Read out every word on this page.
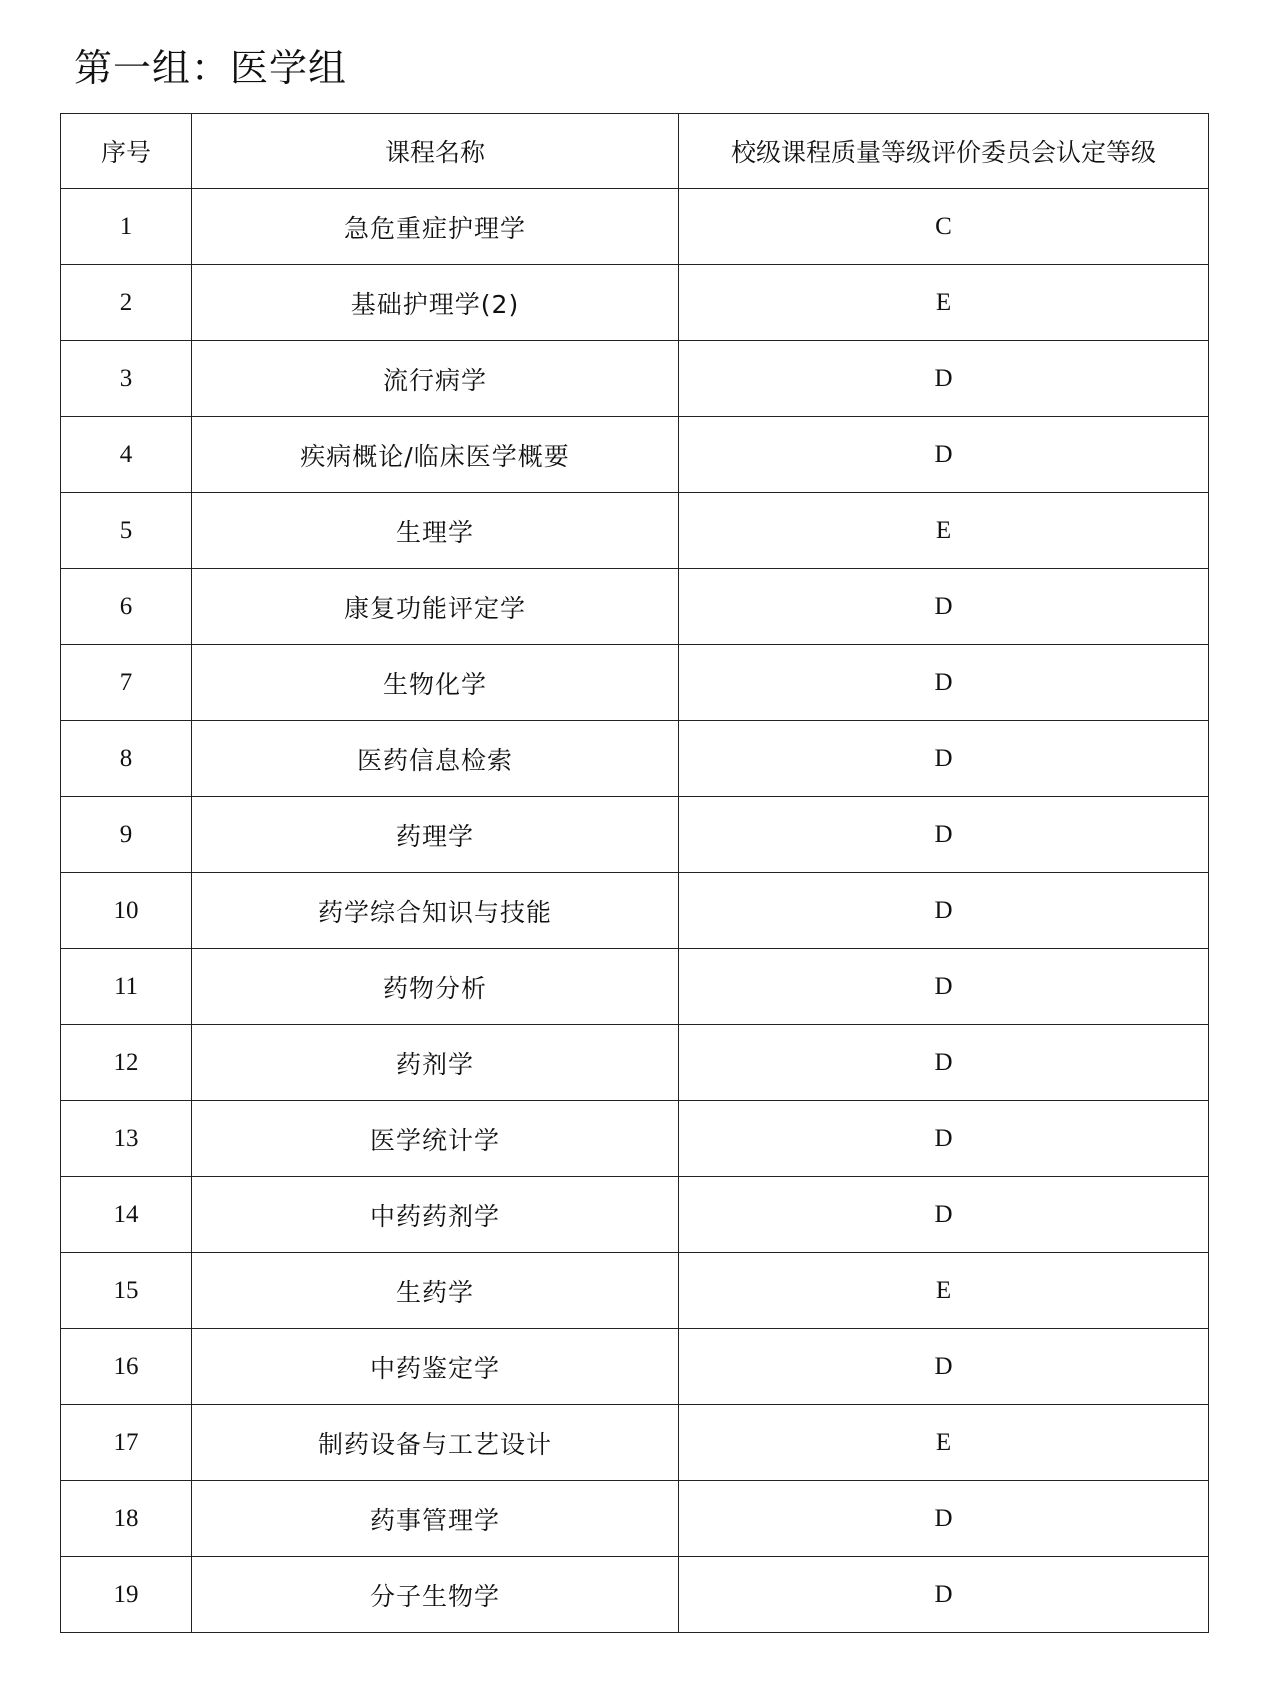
第一组：医学组
序号	课程名称	校级课程质量等级评价委员会认定等级
1	急危重症护理学	C
2	基础护理学(2)	E
3	流行病学	D
4	疾病概论/临床医学概要	D
5	生理学	E
6	康复功能评定学	D
7	生物化学	D
8	医药信息检索	D
9	药理学	D
10	药学综合知识与技能	D
11	药物分析	D
12	药剂学	D
13	医学统计学	D
14	中药药剂学	D
15	生药学	E
16	中药鉴定学	D
17	制药设备与工艺设计	E
18	药事管理学	D
19	分子生物学	D
